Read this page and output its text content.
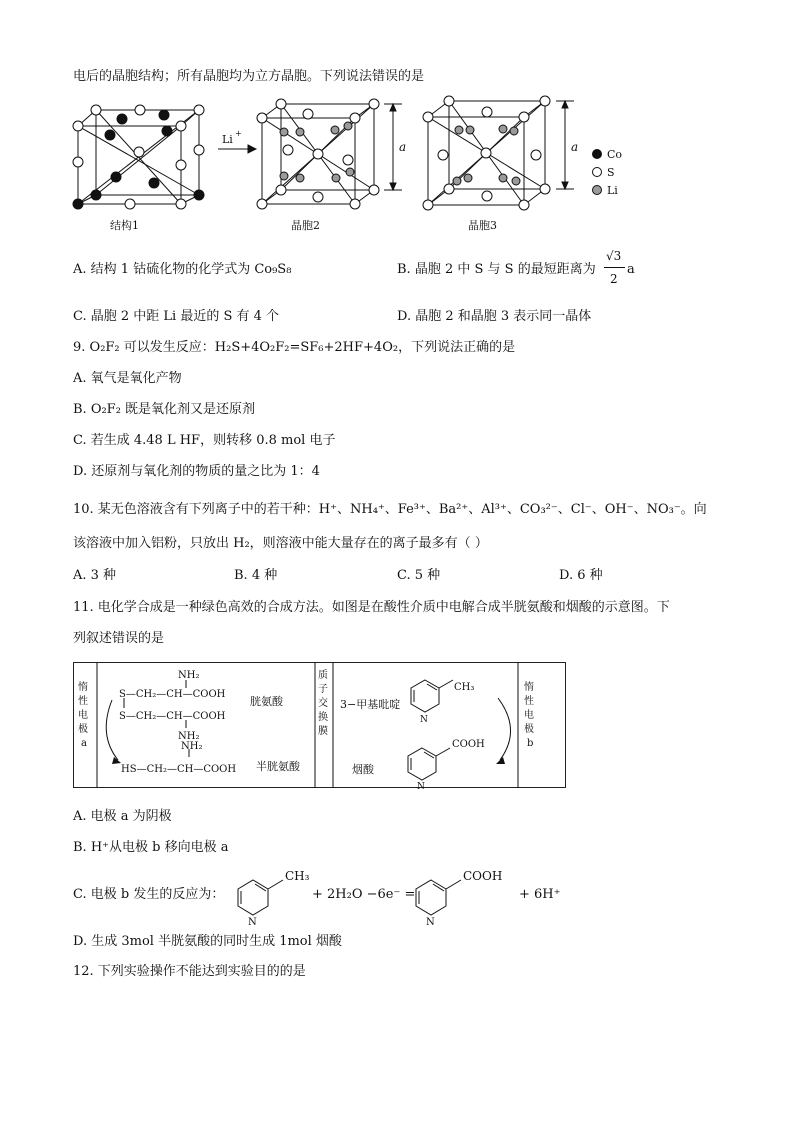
电后的晶胞结构；所有晶胞均为立方晶胞。下列说法错误的是
Li +
a	a
Co
S
Li
结构1	晶胞2	晶胞3
A. 结构 1 钴硫化物的化学式为 Co₉S₈	B. 晶胞 2 中 S 与 S 的最短距离为
√3
2
a
C. 晶胞 2 中距 Li 最近的 S 有 4 个	D. 晶胞 2 和晶胞 3 表示同一晶体
9. O₂F₂ 可以发生反应：H₂S+4O₂F₂=SF₆+2HF+4O₂，下列说法正确的是
A. 氧气是氧化产物
B. O₂F₂ 既是氧化剂又是还原剂
C. 若生成 4.48 L HF，则转移 0.8 mol 电子
D. 还原剂与氧化剂的物质的量之比为 1：4
10. 某无色溶液含有下列离子中的若干种：H⁺、NH₄⁺、Fe³⁺、Ba²⁺、Al³⁺、CO₃²⁻、Cl⁻、OH⁻、NO₃⁻。向
该溶液中加入铝粉，只放出 H₂，则溶液中能大量存在的离子最多有（ ）
A. 3 种	B. 4 种	C. 5 种	D. 6 种
11. 电化学合成是一种绿色高效的合成方法。如图是在酸性介质中电解合成半胱氨酸和烟酸的示意图。下
列叙述错误的是
惰
性
电
极
a
质
子
交
换
膜
惰
性
电
极
b
NH₂
S—CH₂—CH—COOH
S—CH₂—CH—COOH
NH₂
NH₂
HS—CH₂—CH—COOH
胱氨酸
半胱氨酸
3−甲基吡啶
CH₃
N
烟酸
COOH
N
A. 电极 a 为阴极
B. H⁺从电极 b 移向电极 a
C. 电极 b 发生的反应为：
CH₃
N
COOH
N
+ 2H₂O −6e⁻ =	+ 6H⁺
D. 生成 3mol 半胱氨酸的同时生成 1mol 烟酸
12. 下列实验操作不能达到实验目的的是
